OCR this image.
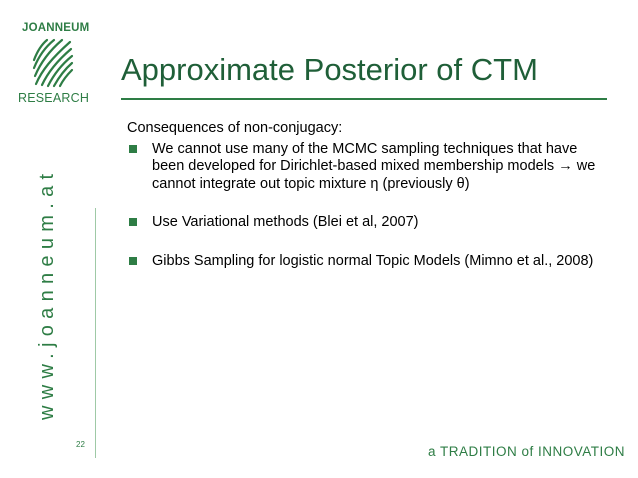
JOANNEUM
RESEARCH
www.joanneum.at
22
Approximate Posterior of CTM

Consequences of non-conjugacy:

We cannot use many of the MCMC sampling techniques that have been developed for Dirichlet-based mixed membership models → we cannot integrate out topic mixture η (previously θ)
Use Variational methods (Blei et al, 2007)
Gibbs Sampling for logistic normal Topic Models (Mimno et al., 2008)
a TRADITION of INNOVATION
